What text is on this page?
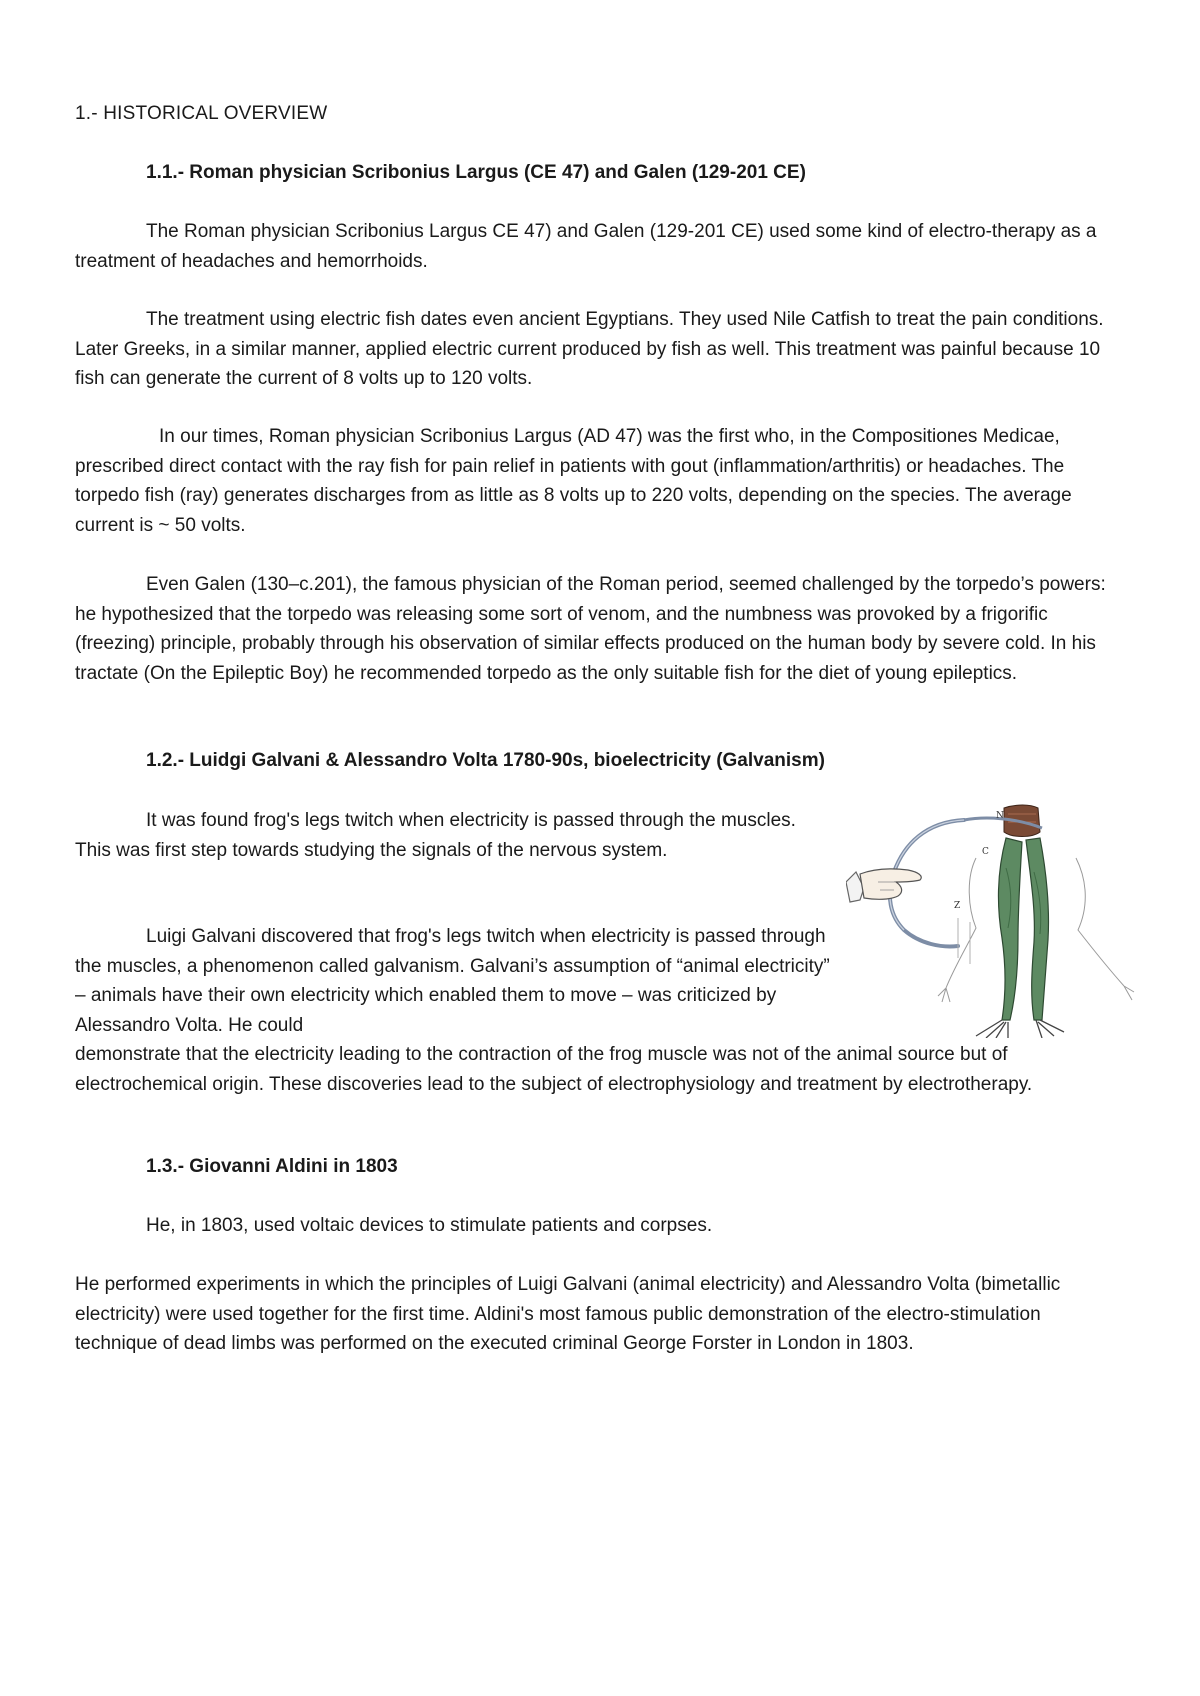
1.- HISTORICAL OVERVIEW
1.1.- Roman physician Scribonius Largus (CE 47) and Galen (129-201 CE)

The Roman physician Scribonius Largus CE 47) and Galen (129-201 CE) used some kind of electro-therapy as a treatment of headaches and hemorrhoids.

The treatment using electric fish dates even ancient Egyptians. They used Nile Catfish to treat the pain conditions. Later Greeks, in a similar manner, applied electric current produced by fish as well. This treatment was painful because 10 fish can generate the current of 8 volts up to 120 volts.

In our times, Roman physician Scribonius Largus (AD 47) was the first who, in the Compositiones Medicae, prescribed direct contact with the ray fish for pain relief in patients with gout (inflammation/arthritis) or headaches. The torpedo fish (ray) generates discharges from as little as 8 volts up to 220 volts, depending on the species. The average current is ~ 50 volts.

Even Galen (130–c.201), the famous physician of the Roman period, seemed challenged by the torpedo’s powers: he hypothesized that the torpedo was releasing some sort of venom, and the numbness was provoked by a frigorific (freezing) principle, probably through his observation of similar effects produced on the human body by severe cold. In his tractate (On the Epileptic Boy) he recommended torpedo as the only suitable fish for the diet of young epileptics.

1.2.- Luidgi Galvani & Alessandro Volta 1780-90s, bioelectricity (Galvanism)

It was found frog's legs twitch when electricity is passed through the muscles. This was first step towards studying the signals of the nervous system.

Luigi Galvani discovered that frog's legs twitch when electricity is passed through the muscles, a phenomenon called galvanism. Galvani’s assumption of “animal electricity” – animals have their own electricity which enabled them to move – was criticized by Alessandro Volta. He could

demonstrate that the electricity leading to the contraction of the frog muscle was not of the animal source but of electrochemical origin. These discoveries lead to the subject of electrophysiology and treatment by electrotherapy.

N
C
Z
1.3.- Giovanni Aldini in 1803

He, in 1803, used voltaic devices to stimulate patients and corpses.

He performed experiments in which the principles of Luigi Galvani (animal electricity) and Alessandro Volta (bimetallic electricity) were used together for the first time. Aldini's most famous public demonstration of the electro-stimulation technique of dead limbs was performed on the executed criminal George Forster in London in 1803.
